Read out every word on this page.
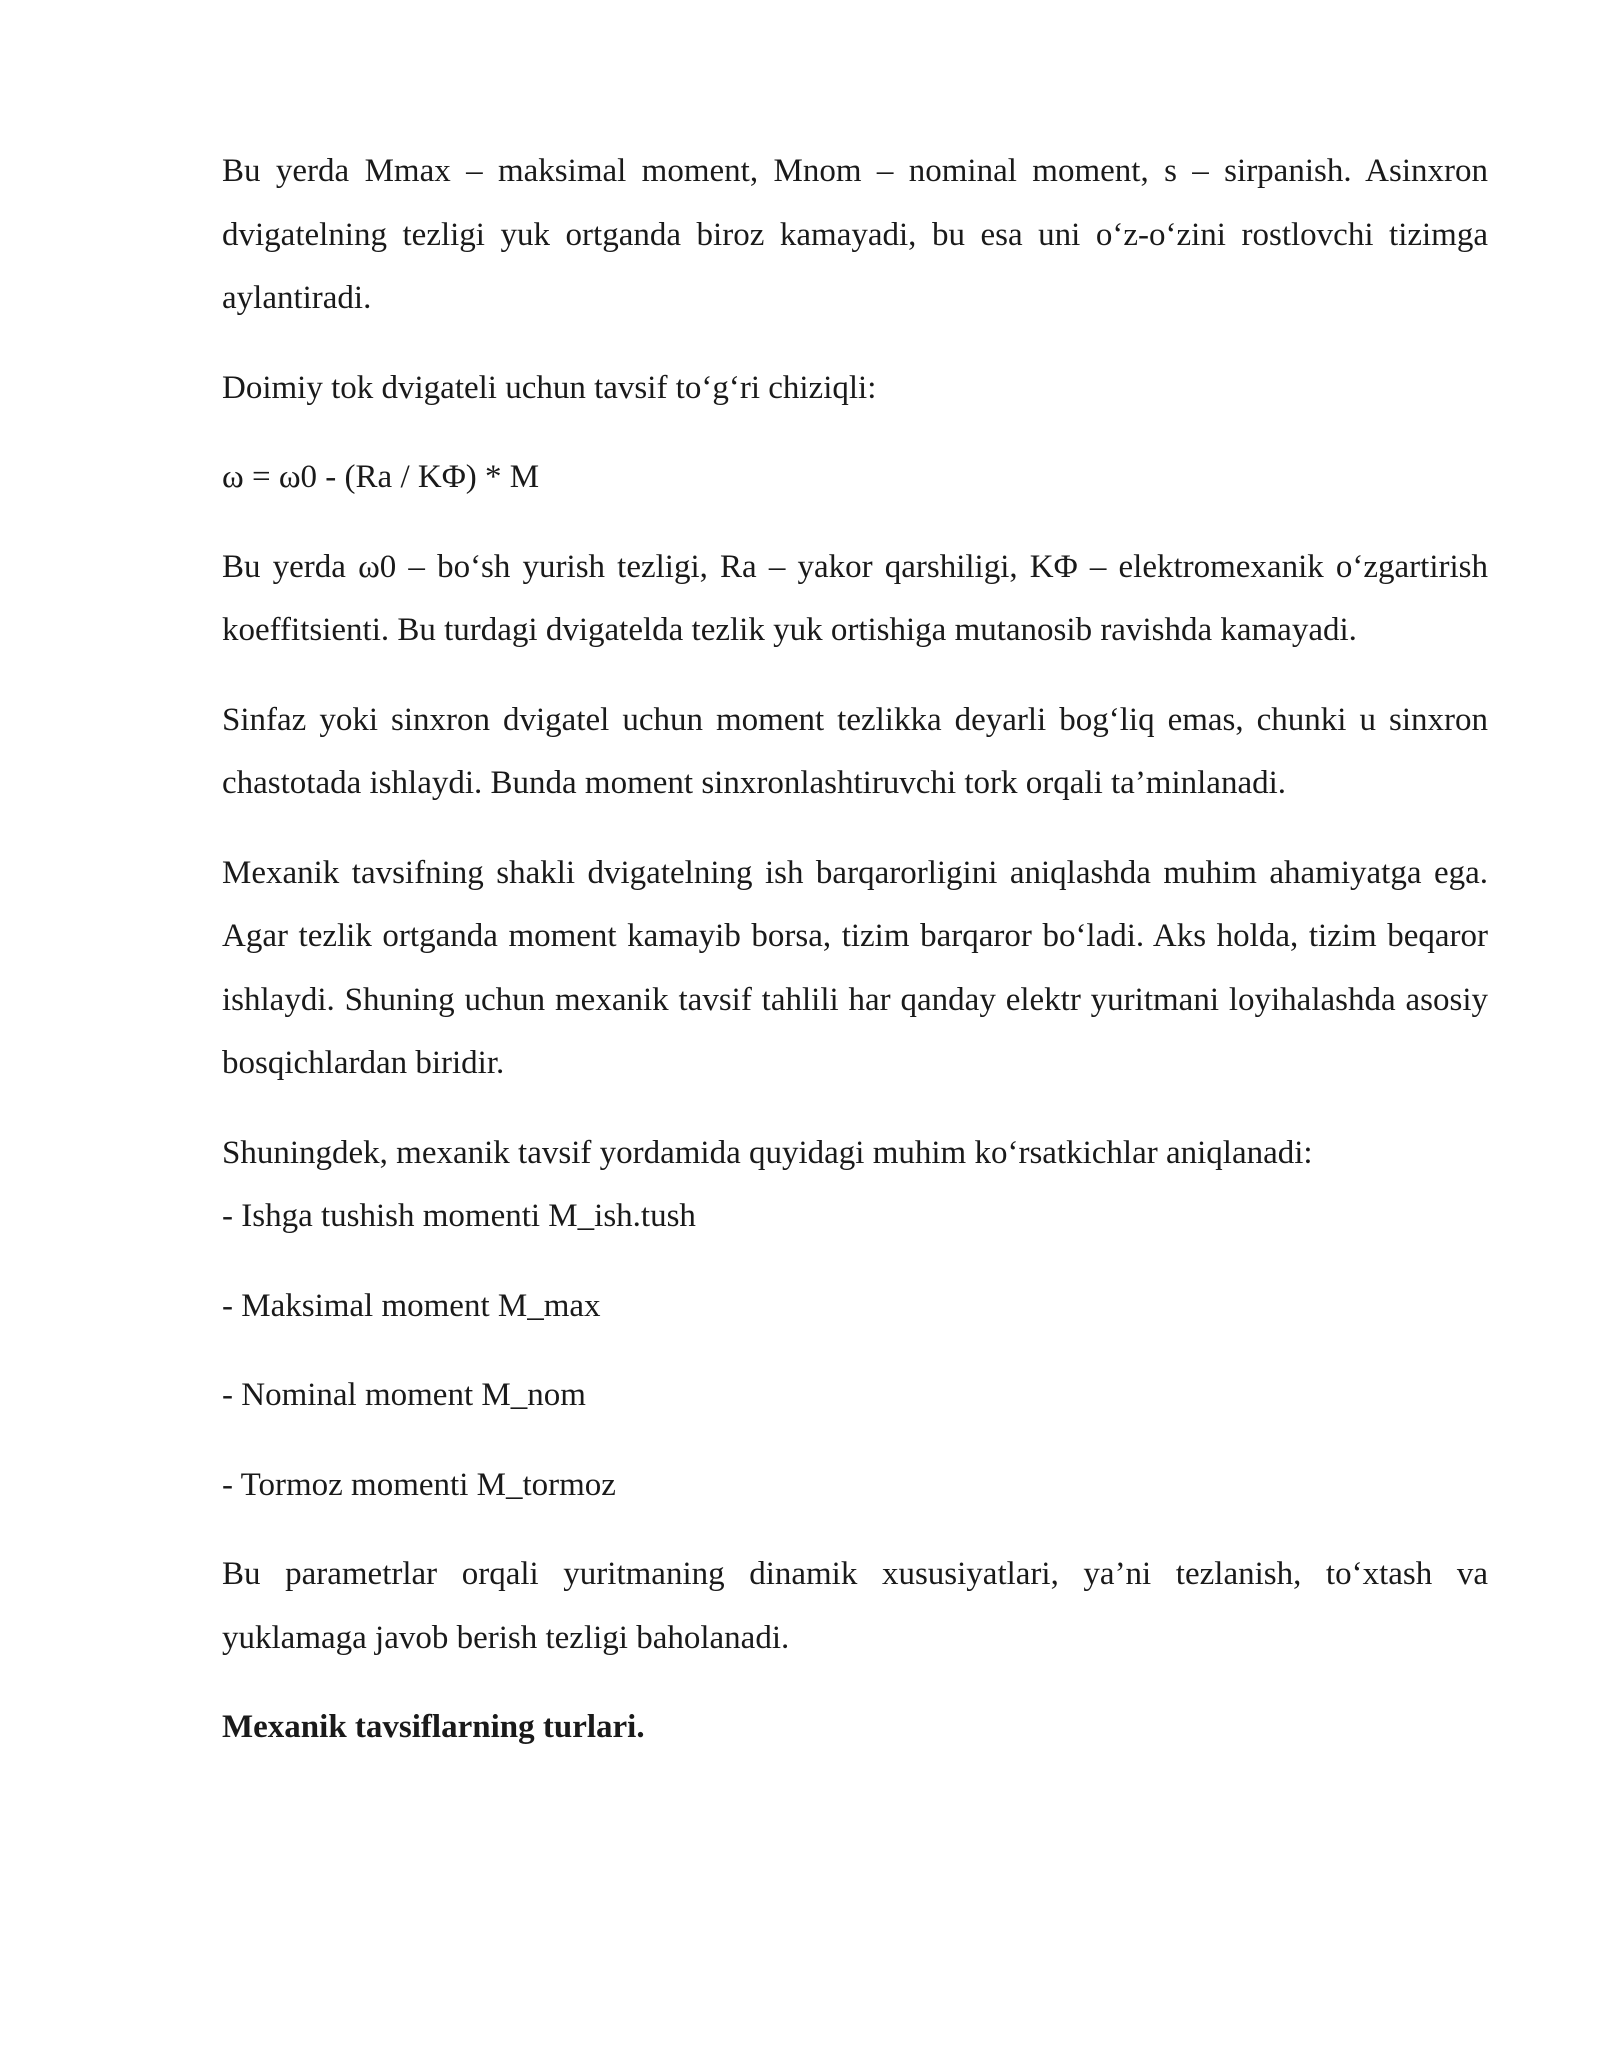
Bu yerda Mmax – maksimal moment, Mnom – nominal moment, s – sirpanish. Asinxron dvigatelning tezligi yuk ortganda biroz kamayadi, bu esa uni o‘z-o‘zini rostlovchi tizimga aylantiradi.

Doimiy tok dvigateli uchun tavsif to‘g‘ri chiziqli:

ω = ω0 - (Ra / KΦ) * M

Bu yerda ω0 – bo‘sh yurish tezligi, Ra – yakor qarshiligi, KΦ – elektromexanik o‘zgartirish koeffitsienti. Bu turdagi dvigatelda tezlik yuk ortishiga mutanosib ravishda kamayadi.

Sinfaz yoki sinxron dvigatel uchun moment tezlikka deyarli bog‘liq emas, chunki u sinxron chastotada ishlaydi. Bunda moment sinxronlashtiruvchi tork orqali ta’minlanadi.

Mexanik tavsifning shakli dvigatelning ish barqarorligini aniqlashda muhim ahamiyatga ega. Agar tezlik ortganda moment kamayib borsa, tizim barqaror bo‘ladi. Aks holda, tizim beqaror ishlaydi. Shuning uchun mexanik tavsif tahlili har qanday elektr yuritmani loyihalashda asosiy bosqichlardan biridir.

Shuningdek, mexanik tavsif yordamida quyidagi muhim ko‘rsatkichlar aniqlanadi:
- Ishga tushish momenti M_ish.tush

- Maksimal moment M_max
- Nominal moment M_nom
- Tormoz momenti M_tormoz

Bu parametrlar orqali yuritmaning dinamik xususiyatlari, ya’ni tezlanish, to‘xtash va yuklamaga javob berish tezligi baholanadi.

Mexanik tavsiflarning turlari.
